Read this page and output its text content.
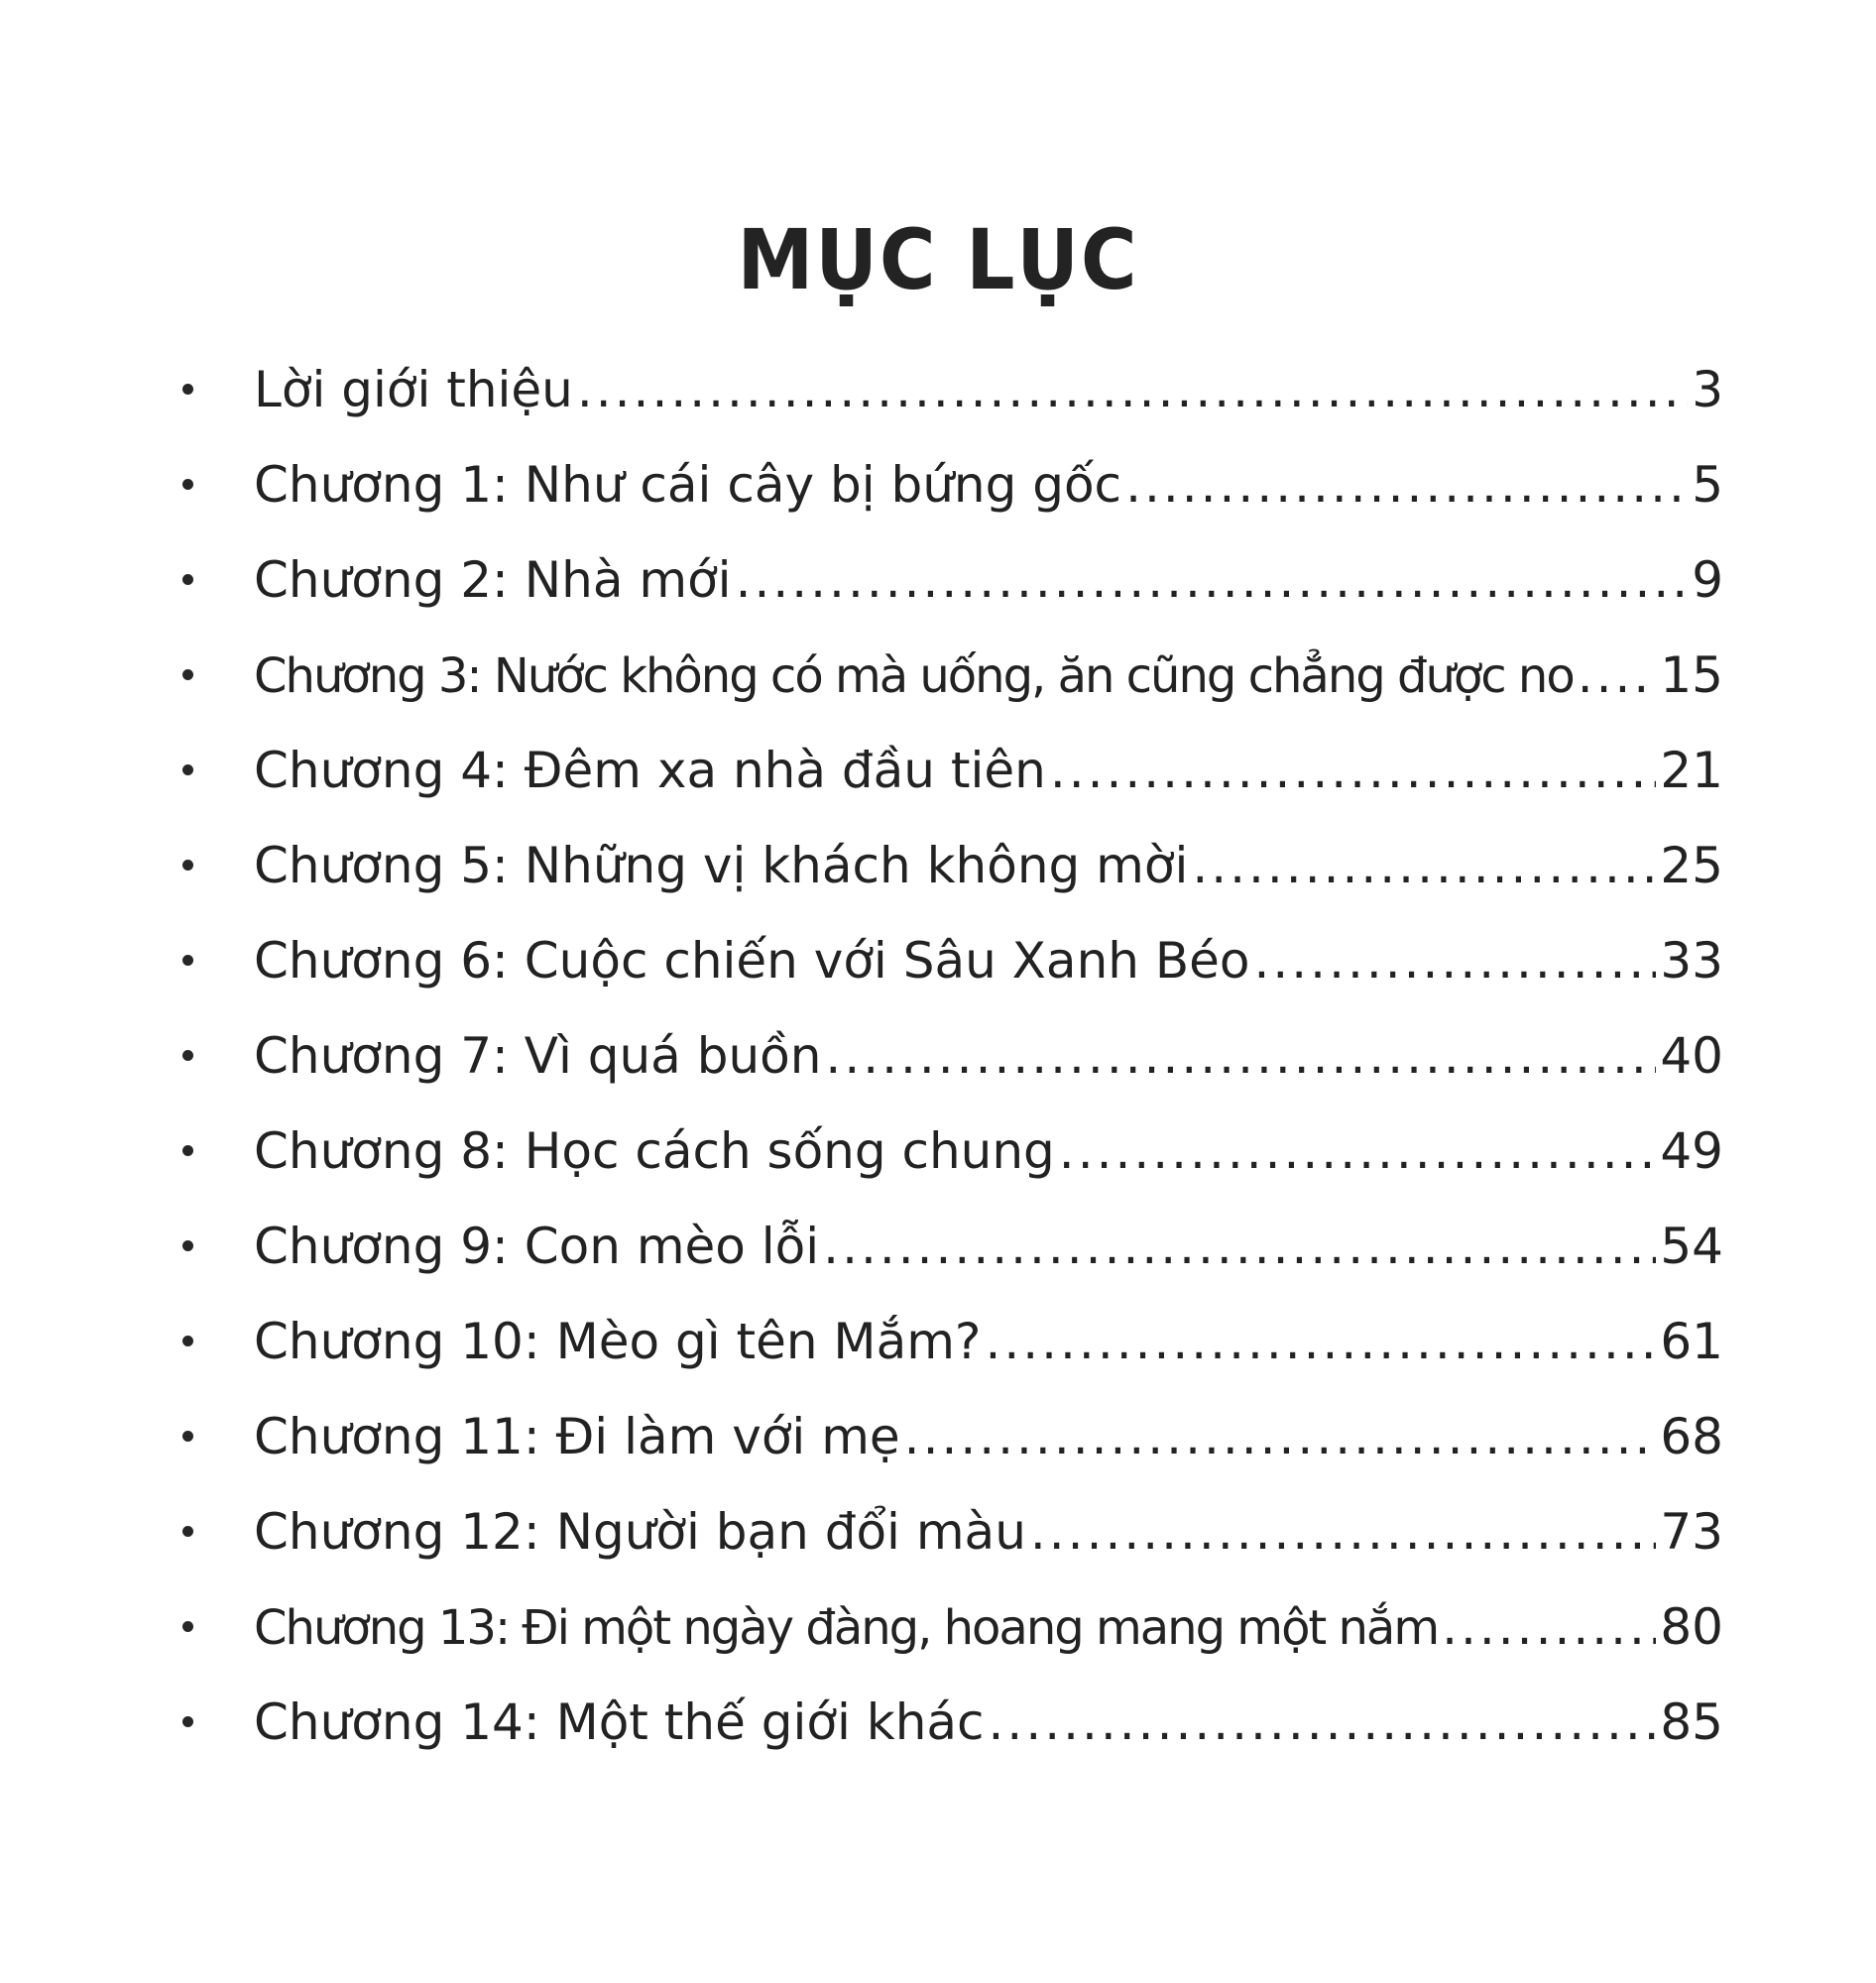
MỤC LỤC
Lời giới thiệu .....	3
Chương 1: Như cái cây bị bứng gốc .....	5
Chương 2: Nhà mới .....	9
Chương 3: Nước không có mà uống, ăn cũng chẳng được no ..... 15
Chương 4: Đêm xa nhà đầu tiên .....	21
Chương 5: Những vị khách không mời .....	25
Chương 6: Cuộc chiến với Sâu Xanh Béo .....	33
Chương 7: Vì quá buồn .....	40
Chương 8: Học cách sống chung .....	49
Chương 9: Con mèo lỗi .....	54
Chương 10: Mèo gì tên Mắm? .....	61
Chương 11: Đi làm với mẹ .....	68
Chương 12: Người bạn đổi màu .....	73
Chương 13: Đi một ngày đàng, hoang mang một nắm .....	80
Chương 14: Một thế giới khác .....	85
